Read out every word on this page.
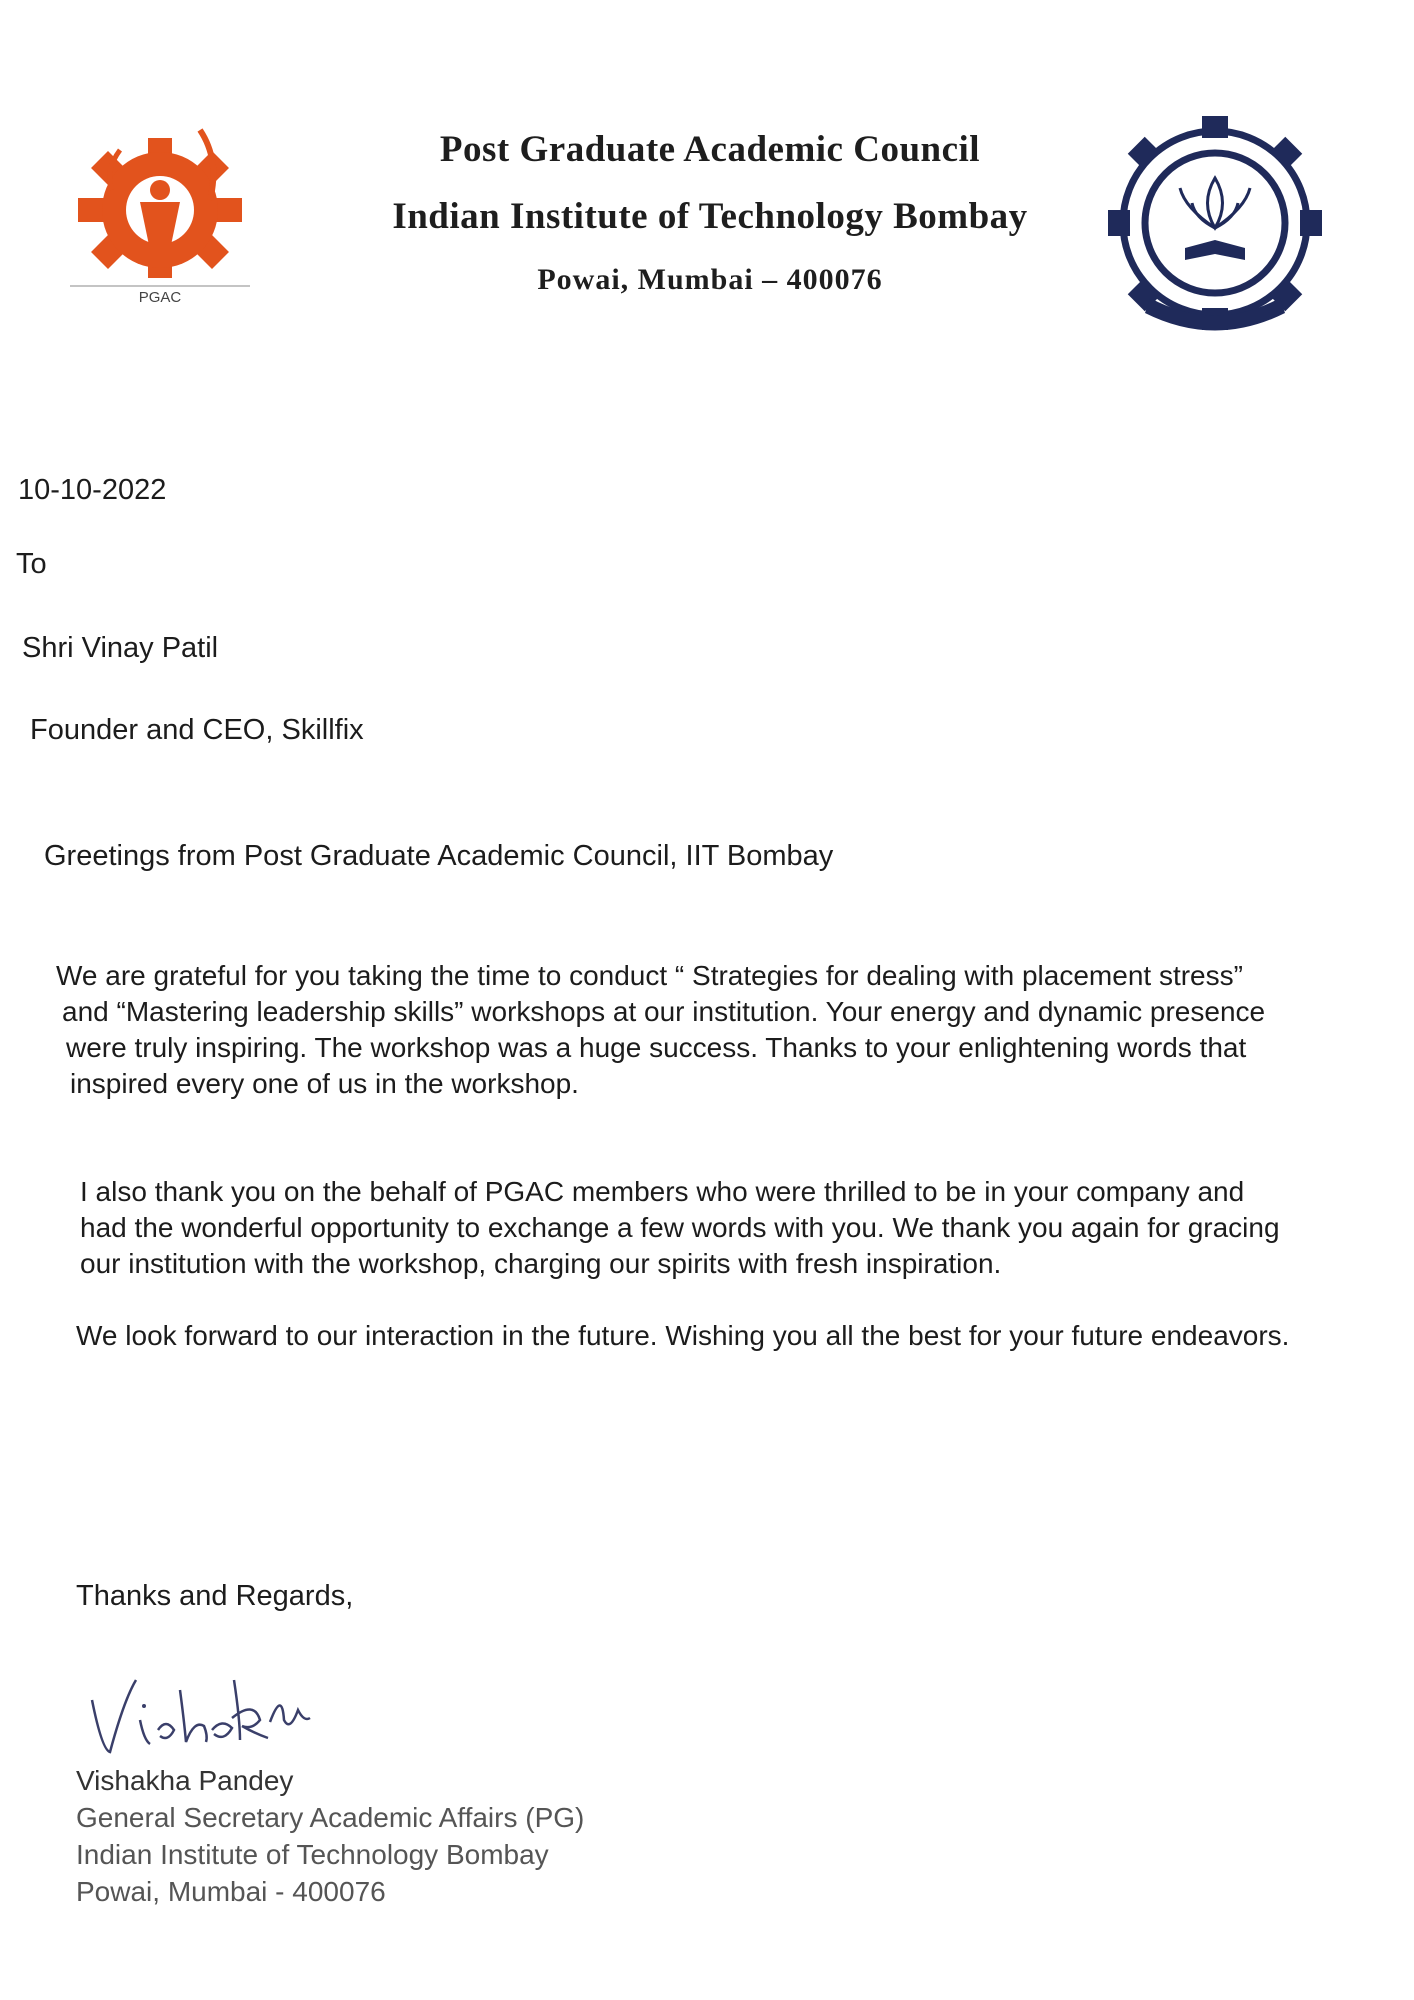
PGAC
Post Graduate Academic Council
Indian Institute of Technology Bombay
Powai, Mumbai – 400076
10-10-2022
To
Shri Vinay Patil
Founder and CEO, Skillfix
Greetings from Post Graduate Academic Council, IIT Bombay
We are grateful for you taking the time to conduct “ Strategies for dealing with placement stress”
and “Mastering leadership skills” workshops at our institution. Your energy and dynamic presence
were truly inspiring. The workshop was a huge success. Thanks to your enlightening words that
inspired every one of us in the workshop.
I also thank you on the behalf of PGAC members who were thrilled to be in your company and
had the wonderful opportunity to exchange a few words with you. We thank you again for gracing
our institution with the workshop, charging our spirits with fresh inspiration.
We look forward to our interaction in the future. Wishing you all the best for your future endeavors.
Thanks and Regards,
Vishakha Pandey
General Secretary Academic Affairs (PG)
Indian Institute of Technology Bombay
Powai, Mumbai - 400076
